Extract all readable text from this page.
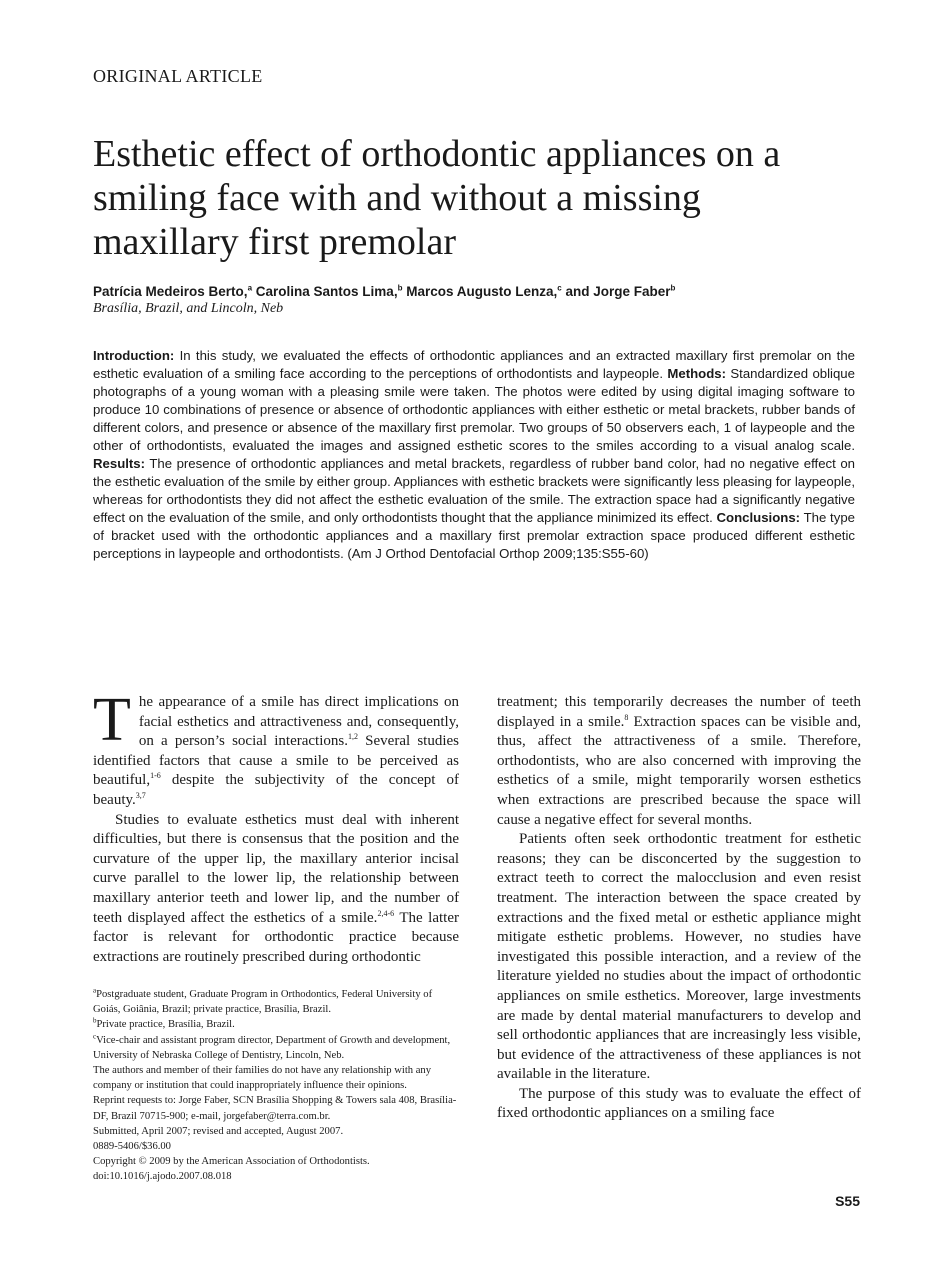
ORIGINAL ARTICLE
Esthetic effect of orthodontic appliances on a smiling face with and without a missing maxillary first premolar
Patrícia Medeiros Berto,$^a$ Carolina Santos Lima,$^b$ Marcos Augusto Lenza,$^c$ and Jorge Faber$^b$
Brasília, Brazil, and Lincoln, Neb

Introduction: In this study, we evaluated the effects of orthodontic appliances and an extracted maxillary first premolar on the esthetic evaluation of a smiling face according to the perceptions of orthodontists and laypeople. Methods: Standardized oblique photographs of a young woman with a pleasing smile were taken. The photos were edited by using digital imaging software to produce 10 combinations of presence or absence of orthodontic appliances with either esthetic or metal brackets, rubber bands of different colors, and presence or absence of the maxillary first premolar. Two groups of 50 observers each, 1 of laypeople and the other of orthodontists, evaluated the images and assigned esthetic scores to the smiles according to a visual analog scale. Results: The presence of orthodontic appliances and metal brackets, regardless of rubber band color, had no negative effect on the esthetic evaluation of the smile by either group. Appliances with esthetic brackets were significantly less pleasing for laypeople, whereas for orthodontists they did not affect the esthetic evaluation of the smile. The extraction space had a significantly negative effect on the evaluation of the smile, and only orthodontists thought that the appliance minimized its effect. Conclusions: The type of bracket used with the orthodontic appliances and a maxillary first premolar extraction space produced different esthetic perceptions in laypeople and orthodontists. (Am J Orthod Dentofacial Orthop 2009;135:S55-60)

The appearance of a smile has direct implications on facial esthetics and attractiveness and, consequently, on a person’s social interactions.$^{1,2}$ Several studies identified factors that cause a smile to be perceived as beautiful,$^{1-6}$ despite the subjectivity of the concept of beauty.$^{3,7}$

Studies to evaluate esthetics must deal with inherent difficulties, but there is consensus that the position and the curvature of the upper lip, the maxillary anterior incisal curve parallel to the lower lip, the relationship between maxillary anterior teeth and lower lip, and the number of teeth displayed affect the esthetics of a smile.$^{2,4-6}$ The latter factor is relevant for orthodontic practice because extractions are routinely prescribed during orthodontic

treatment; this temporarily decreases the number of teeth displayed in a smile.$^8$ Extraction spaces can be visible and, thus, affect the attractiveness of a smile. Therefore, orthodontists, who are also concerned with improving the esthetics of a smile, might temporarily worsen esthetics when extractions are prescribed because the space will cause a negative effect for several months.

Patients often seek orthodontic treatment for esthetic reasons; they can be disconcerted by the suggestion to extract teeth to correct the malocclusion and even resist treatment. The interaction between the space created by extractions and the fixed metal or esthetic appliance might mitigate esthetic problems. However, no studies have investigated this possible interaction, and a review of the literature yielded no studies about the impact of orthodontic appliances on smile esthetics. Moreover, large investments are made by dental material manufacturers to develop and sell orthodontic appliances that are increasingly less visible, but evidence of the attractiveness of these appliances is not available in the literature.

The purpose of this study was to evaluate the effect of fixed orthodontic appliances on a smiling face

$^a$Postgraduate student, Graduate Program in Orthodontics, Federal University of Goiás, Goiânia, Brazil; private practice, Brasília, Brazil.
$^b$Private practice, Brasília, Brazil.
$^c$Vice-chair and assistant program director, Department of Growth and development, University of Nebraska College of Dentistry, Lincoln, Neb.
The authors and member of their families do not have any relationship with any company or institution that could inappropriately influence their opinions.
Reprint requests to: Jorge Faber, SCN Brasília Shopping & Towers sala 408, Brasília-DF, Brazil 70715-900; e-mail, jorgefaber@terra.com.br.
Submitted, April 2007; revised and accepted, August 2007.
0889-5406/$36.00
Copyright © 2009 by the American Association of Orthodontists.
doi:10.1016/j.ajodo.2007.08.018
S55
